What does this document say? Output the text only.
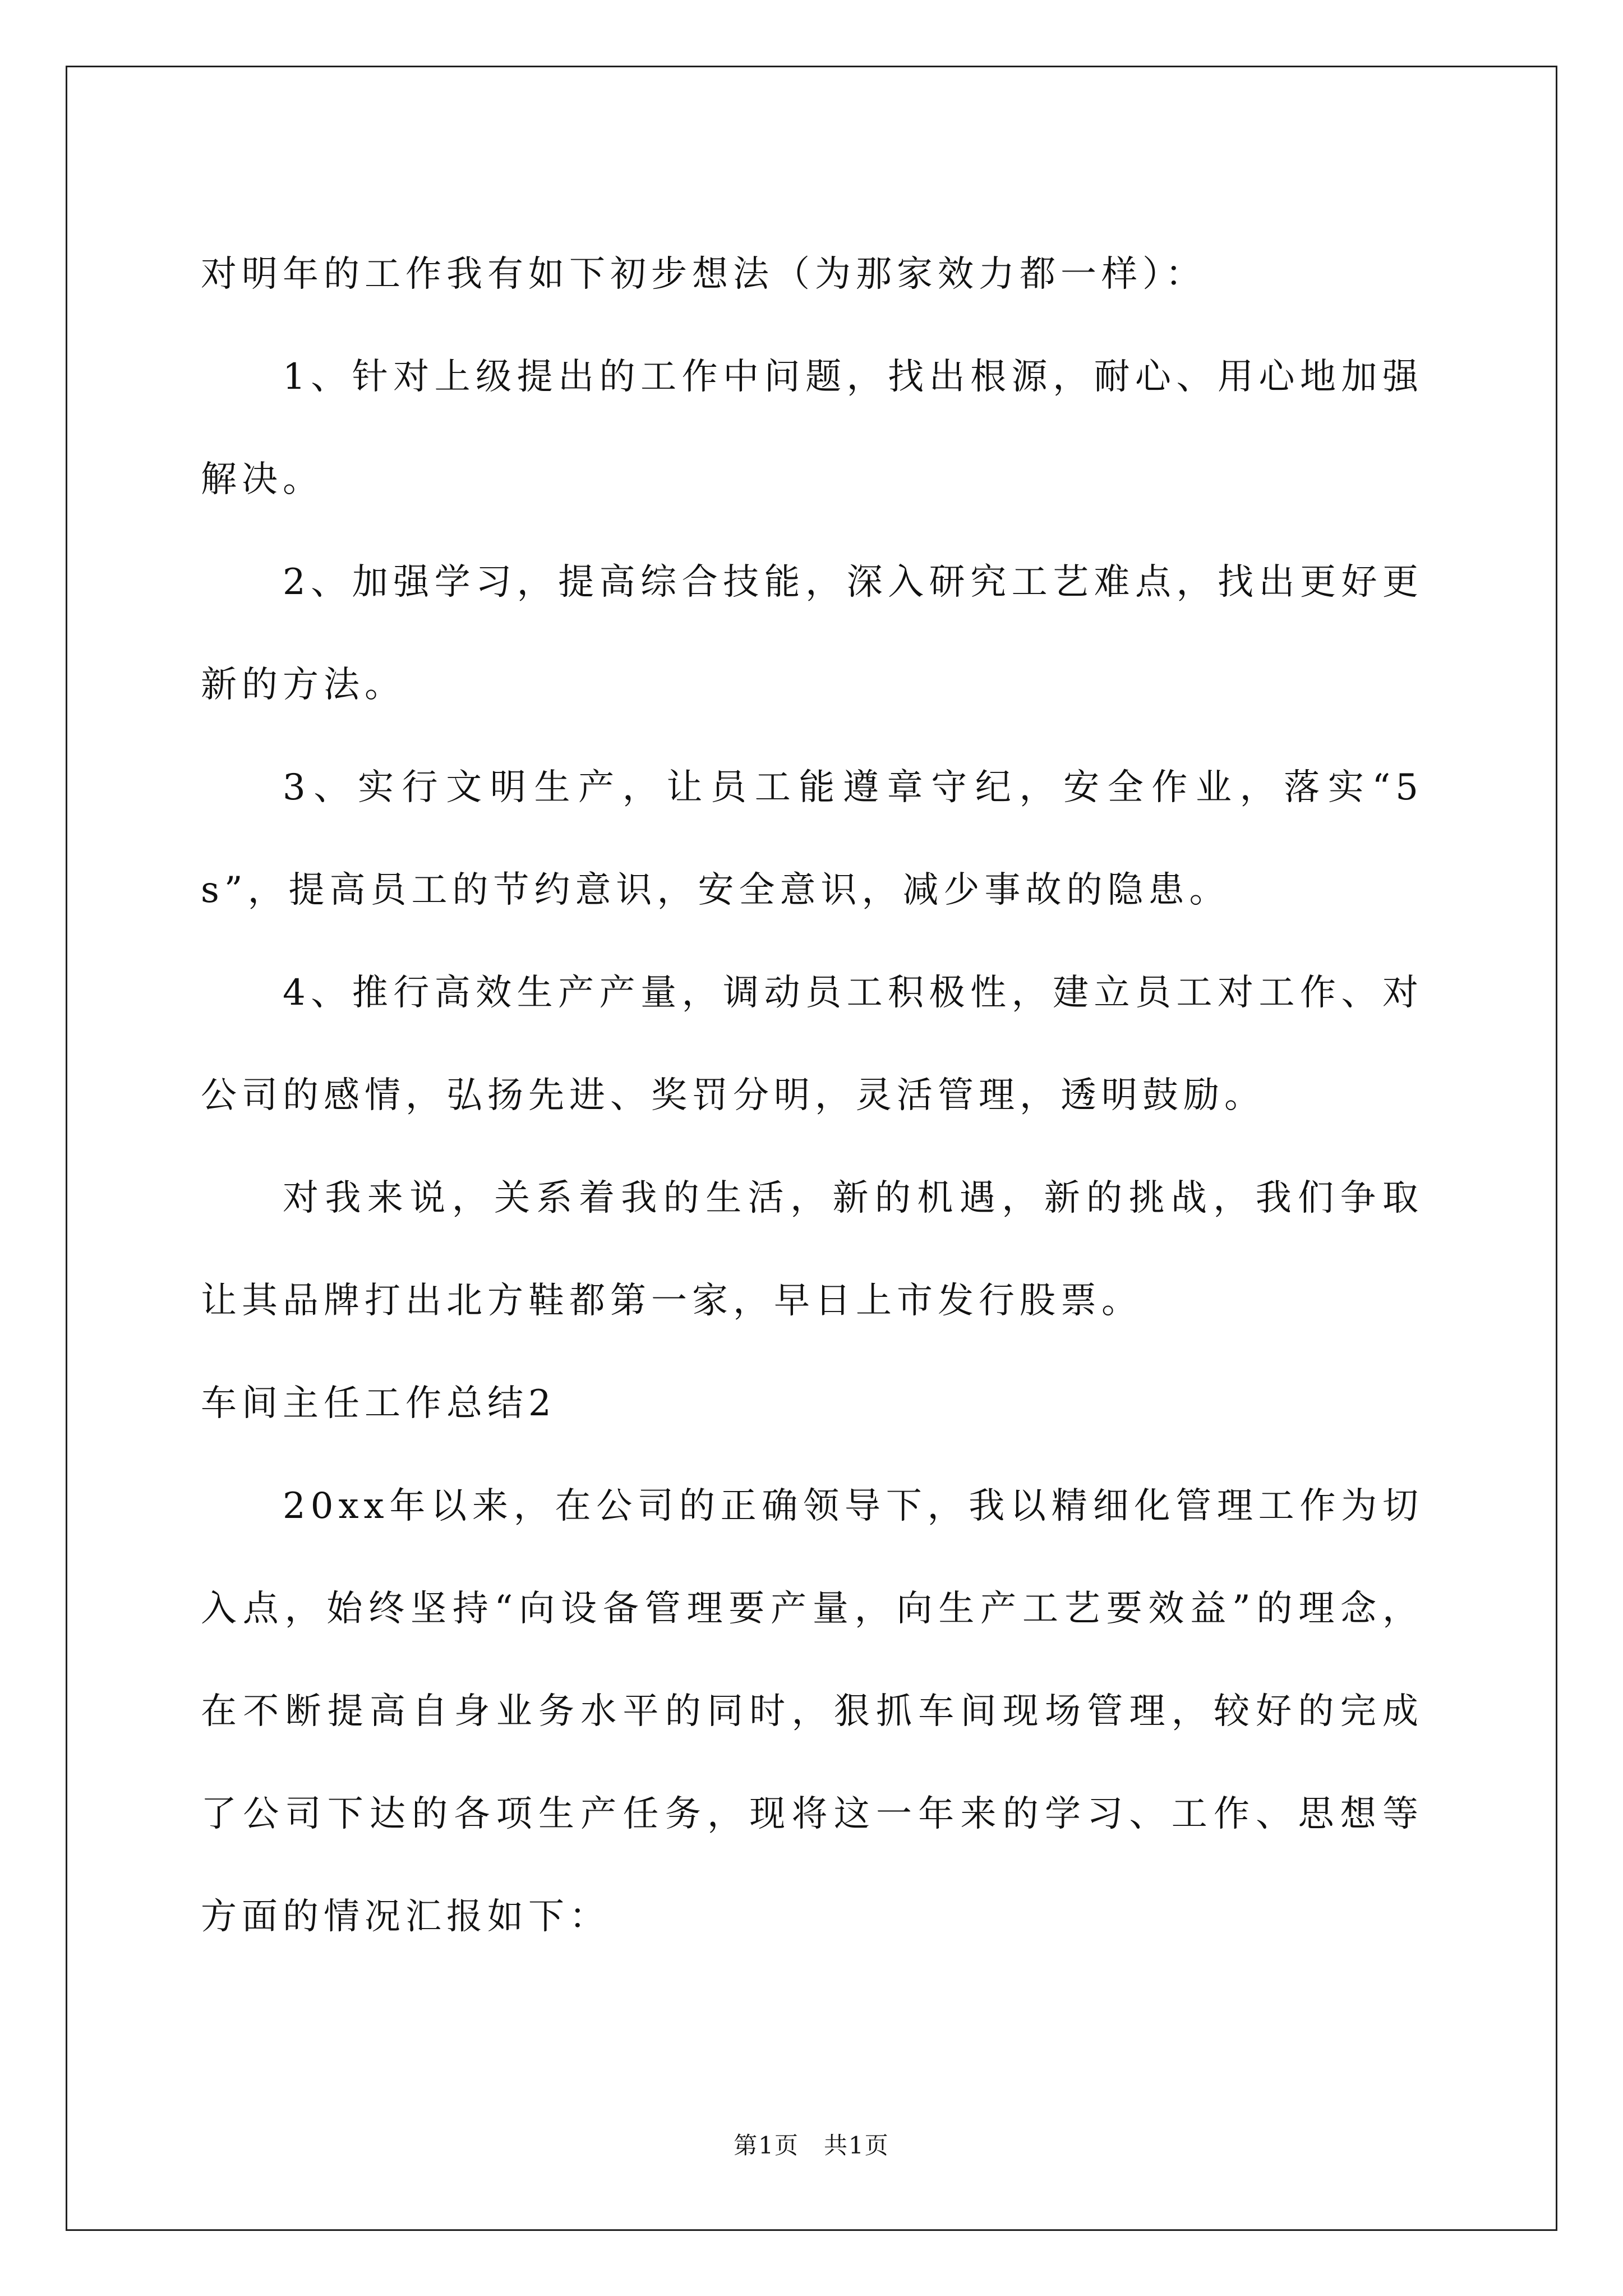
对明年的工作我有如下初步想法（为那家效力都一样）：

1、针对上级提出的工作中问题，找出根源，耐心、用心地加强解决。

2、加强学习，提高综合技能，深入研究工艺难点，找出更好更新的方法。

3、实行文明生产，让员工能遵章守纪，安全作业，落实“5s”，提高员工的节约意识，安全意识，减少事故的隐患。

4、推行高效生产产量，调动员工积极性，建立员工对工作、对公司的感情，弘扬先进、奖罚分明，灵活管理，透明鼓励。

对我来说，关系着我的生活，新的机遇，新的挑战，我们争取让其品牌打出北方鞋都第一家，早日上市发行股票。

车间主任工作总结2

20xx年以来，在公司的正确领导下，我以精细化管理工作为切入点，始终坚持“向设备管理要产量，向生产工艺要效益”的理念，在不断提高自身业务水平的同时，狠抓车间现场管理，较好的完成了公司下达的各项生产任务，现将这一年来的学习、工作、思想等方面的情况汇报如下：

第1页　共1页
